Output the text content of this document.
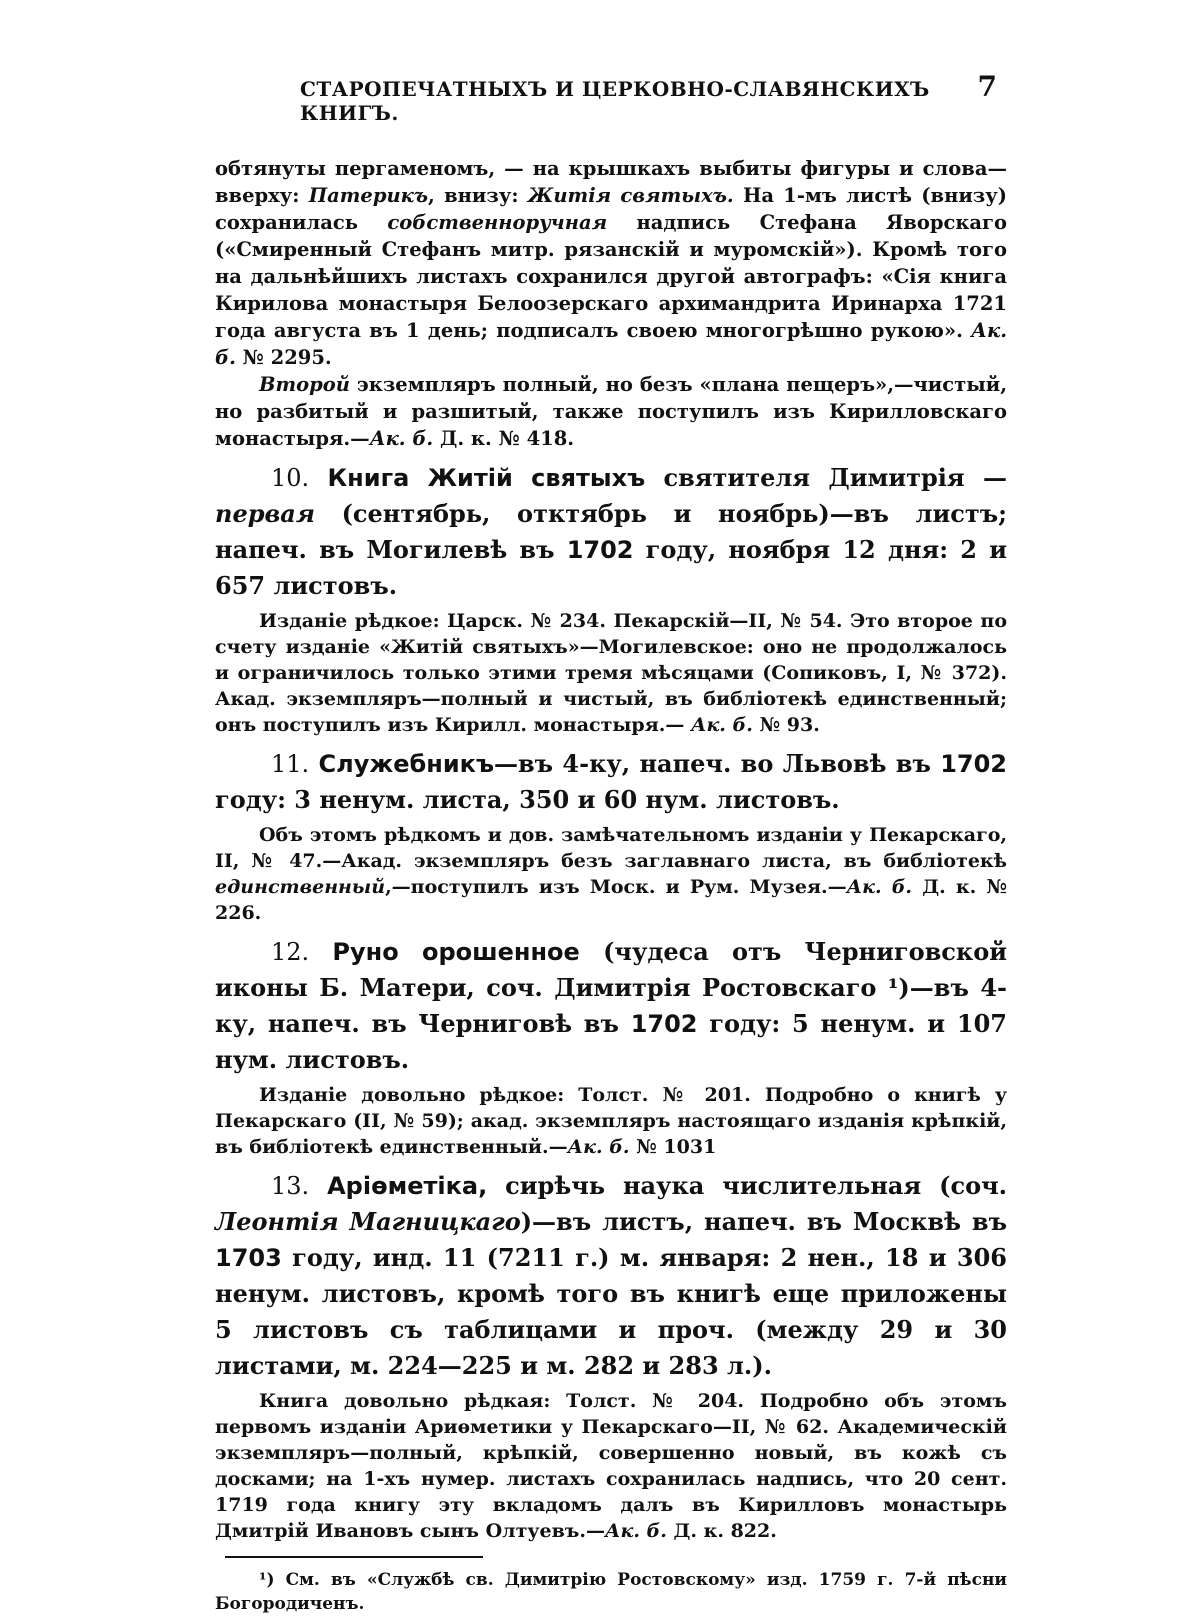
СТАРОПЕЧАТНЫХЪ И ЦЕРКОВНО-СЛАВЯНСКИХЪ КНИГЪ.
7

обтянуты пергаменомъ, — на крышкахъ выбиты фигуры и слова— вверху: Патерикъ, внизу: Житія святыхъ. На 1-мъ листѣ (внизу) сохранилась собственноручная надпись Стефана Яворскаго («Смиренный Стефанъ митр. рязанскій и муромскій»). Кромѣ того на дальнѣйшихъ листахъ сохранился другой автографъ: «Сія книга Кирилова монастыря Белоозерскаго архимандрита Иринарха 1721 года августа въ 1 день; подписалъ своею многогрѣшно рукою». Ак. б. № 2295.

Второй экземпляръ полный, но безъ «плана пещеръ»,—чистый, но разбитый и разшитый, также поступилъ изъ Кирилловскаго монастыря.—Ак. б. Д. к. № 418.

10. Книга Житій святыхъ святителя Димитрія — первая (сентябрь, отктябрь и ноябрь)—въ листъ; напеч. въ Могилевѣ въ 1702 году, ноября 12 дня: 2 и 657 листовъ.

Изданіе рѣдкое: Царск. № 234. Пекарскій—II, № 54. Это второе по счету изданіе «Житій святыхъ»—Могилевское: оно не продолжалось и ограничилось только этими тремя мѣсяцами (Сопиковъ, I, № 372). Акад. экземпляръ—полный и чистый, въ библіотекѣ единственный; онъ поступилъ изъ Кирилл. монастыря.— Ак. б. № 93.

11. Служебникъ—въ 4-ку, напеч. во Львовѣ въ 1702 году: 3 ненум. листа, 350 и 60 нум. листовъ.

Объ этомъ рѣдкомъ и дов. замѣчательномъ изданіи у Пекарскаго, II, № 47.—Акад. экземпляръ безъ заглавнаго листа, въ библіотекѣ единственный,—поступилъ изъ Моск. и Рум. Музея.—Ак. б. Д. к. № 226.

12. Руно орошенное (чудеса отъ Черниговской иконы Б. Матери, соч. Димитрія Ростовскаго ¹)—въ 4-ку, напеч. въ Черниговѣ въ 1702 году: 5 ненум. и 107 нум. листовъ.

Изданіе довольно рѣдкое: Толст. № 201. Подробно о книгѣ у Пекарскаго (II, № 59); акад. экземпляръ настоящаго изданія крѣпкій, въ библіотекѣ единственный.—Ак. б. № 1031

13. Аріѳметіка, сирѣчь наука числительная (соч. Леонтія Магницкаго)—въ листъ, напеч. въ Москвѣ въ 1703 году, инд. 11 (7211 г.) м. января: 2 нен., 18 и 306 ненум. листовъ, кромѣ того въ книгѣ еще приложены 5 листовъ съ таблицами и проч. (между 29 и 30 листами, м. 224—225 и м. 282 и 283 л.).

Книга довольно рѣдкая: Толст. № 204. Подробно объ этомъ первомъ изданіи Ариѳметики у Пекарскаго—II, № 62. Академическій экземпляръ—полный, крѣпкій, совершенно новый, въ кожѣ съ досками; на 1-хъ нумер. листахъ сохранилась надпись, что 20 сент. 1719 года книгу эту вкладомъ далъ въ Кирилловъ монастырь Дмитрій Ивановъ сынъ Олтуевъ.—Ак. б. Д. к. 822.

¹) См. въ «Службѣ св. Димитрію Ростовскому» изд. 1759 г. 7-й пѣсни Богородиченъ.
